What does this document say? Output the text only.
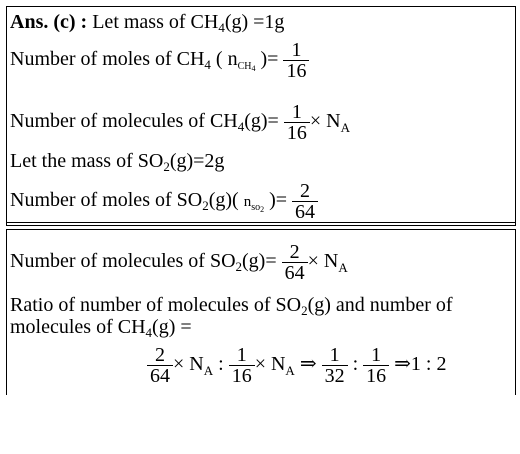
Ans. (c) : Let mass of $CH_4(g) =1g$
Number of moles of $CH_4$ ( $n_{CH_4}$ )= $\frac{1}{16}$
Number of molecules of $CH_4(g)= \frac{1}{16} \times N_A$
Let the mass of $SO_2(g)=2g$
Number of moles of $SO_2(g)$( $n_{so_2}$ )= $\frac{2}{64}$
Number of molecules of $SO_2(g)= \frac{2}{64} \times N_A$
Ratio of number of molecules of $SO_2(g)$ and number of
molecules of $CH_4(g)$ =
$\frac{2}{64} \times N_A$ : $\frac{1}{16} \times N_A$ ⇒ $\frac{1}{32}$ : $\frac{1}{16}$ ⇒1 : 2
